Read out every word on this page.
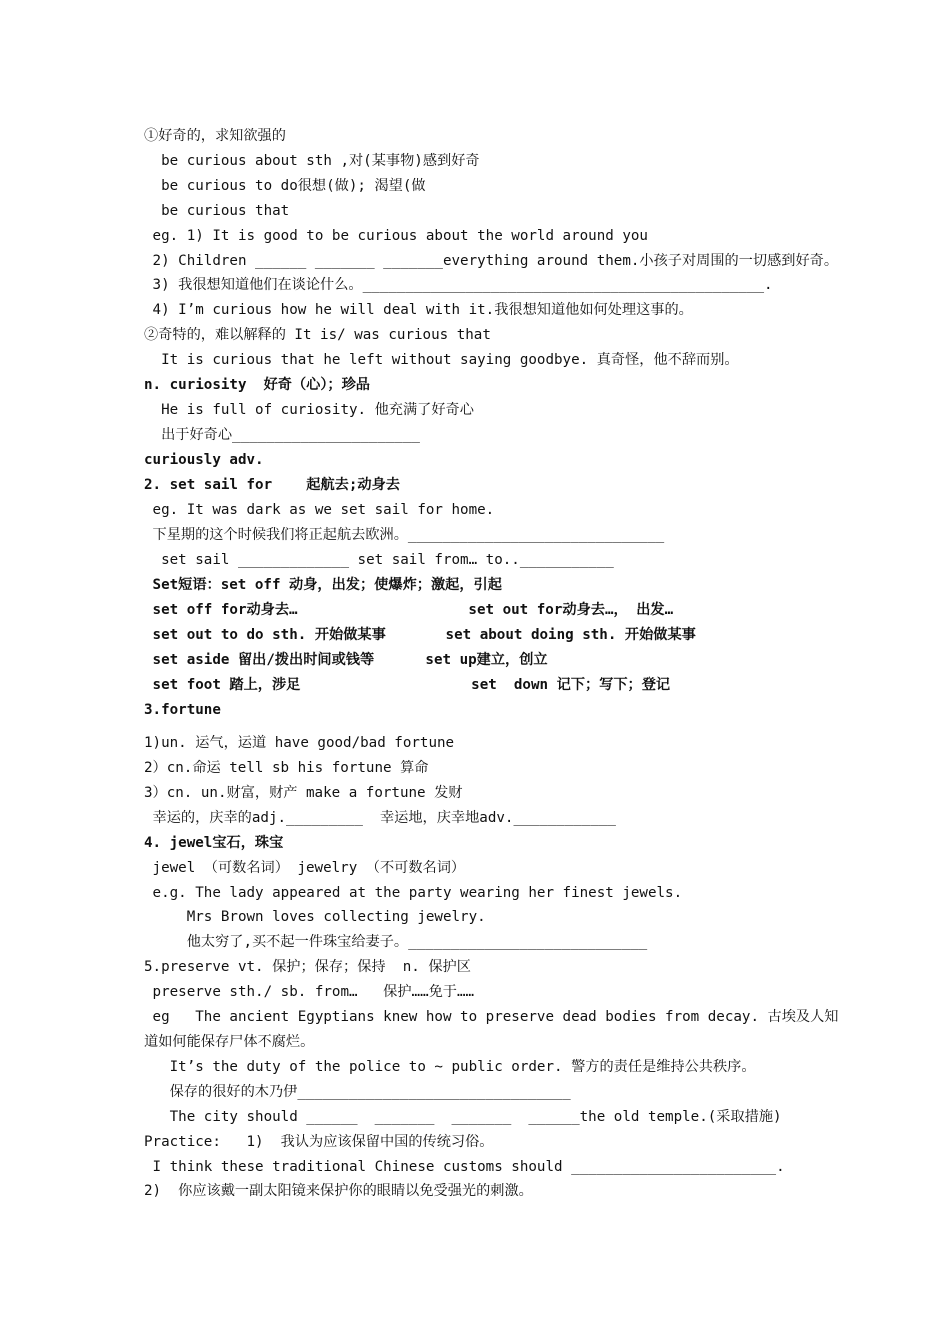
①好奇的，求知欲强的
be curious about sth ,对(某事物)感到好奇
be curious to do很想(做); 渴望(做
be curious that
eg. 1) It is good to be curious about the world around you
2) Children ______ _______ _______everything around them.小孩子对周围的一切感到好奇。
3) 我很想知道他们在谈论什么。_______________________________________________.
4) I’m curious how he will deal with it.我很想知道他如何处理这事的。
②奇特的，难以解释的 It is/ was curious that
It is curious that he left without saying goodbye. 真奇怪，他不辞而别。
n. curiosity  好奇（心）；珍品
He is full of curiosity. 他充满了好奇心
出于好奇心______________________
curiously adv.
2. set sail for    起航去;动身去
eg. It was dark as we set sail for home.
下星期的这个时候我们将正起航去欧洲。______________________________
set sail _____________ set sail from… to..___________
Set短语：set off 动身，出发；使爆炸；激起，引起
set off for动身去…                    set out for动身去…， 出发…
set out to do sth. 开始做某事       set about doing sth. 开始做某事
set aside 留出/拨出时间或钱等      set up建立，创立
set foot 踏上，涉足                    set  down 记下；写下；登记
3.fortune
1)un. 运气，运道 have good/bad fortune
2）cn.命运 tell sb his fortune 算命
3）cn. un.财富，财产 make a fortune 发财
幸运的，庆幸的adj._________  幸运地，庆幸地adv.____________
4. jewel宝石，珠宝
jewel （可数名词） jewelry （不可数名词）
e.g. The lady appeared at the party wearing her finest jewels.
Mrs Brown loves collecting jewelry.
他太穷了,买不起一件珠宝给妻子。____________________________
5.preserve vt. 保护；保存；保持  n. 保护区
preserve sth./ sb. from…   保护……免于……
eg   The ancient Egyptians knew how to preserve dead bodies from decay. 古埃及人知
道如何能保存尸体不腐烂。
It’s the duty of the police to ~ public order. 警方的责任是维持公共秩序。
保存的很好的木乃伊________________________________
The city should ______  _______  _______  ______the old temple.(采取措施)
Practice:   1)  我认为应该保留中国的传统习俗。
I think these traditional Chinese customs should ________________________.
2)  你应该戴一副太阳镜来保护你的眼睛以免受强光的刺激。
